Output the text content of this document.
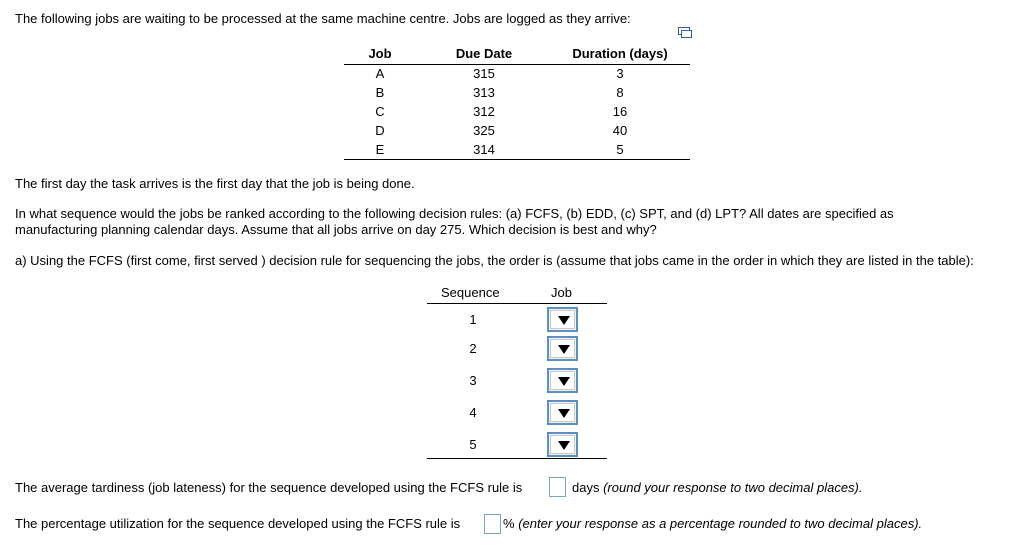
The following jobs are waiting to be processed at the same machine centre. Jobs are logged as they arrive:
Job	Due Date	Duration (days)
A	315	3
B	313	8
C	312	16
D	325	40
E	314	5
The first day the task arrives is the first day that the job is being done.
In what sequence would the jobs be ranked according to the following decision rules: (a) FCFS, (b) EDD, (c) SPT, and (d) LPT? All dates are specified as
manufacturing planning calendar days. Assume that all jobs arrive on day 275. Which decision is best and why?
a) Using the FCFS (first come, first served ) decision rule for sequencing the jobs, the order is (assume that jobs came in the order in which they are listed in the table):
Sequence	Job
1
2
3
4
5
The average tardiness (job lateness) for the sequence developed using the FCFS rule is	days (round your response to two decimal places).
The percentage utilization for the sequence developed using the FCFS rule is	% (enter your response as a percentage rounded to two decimal places).
